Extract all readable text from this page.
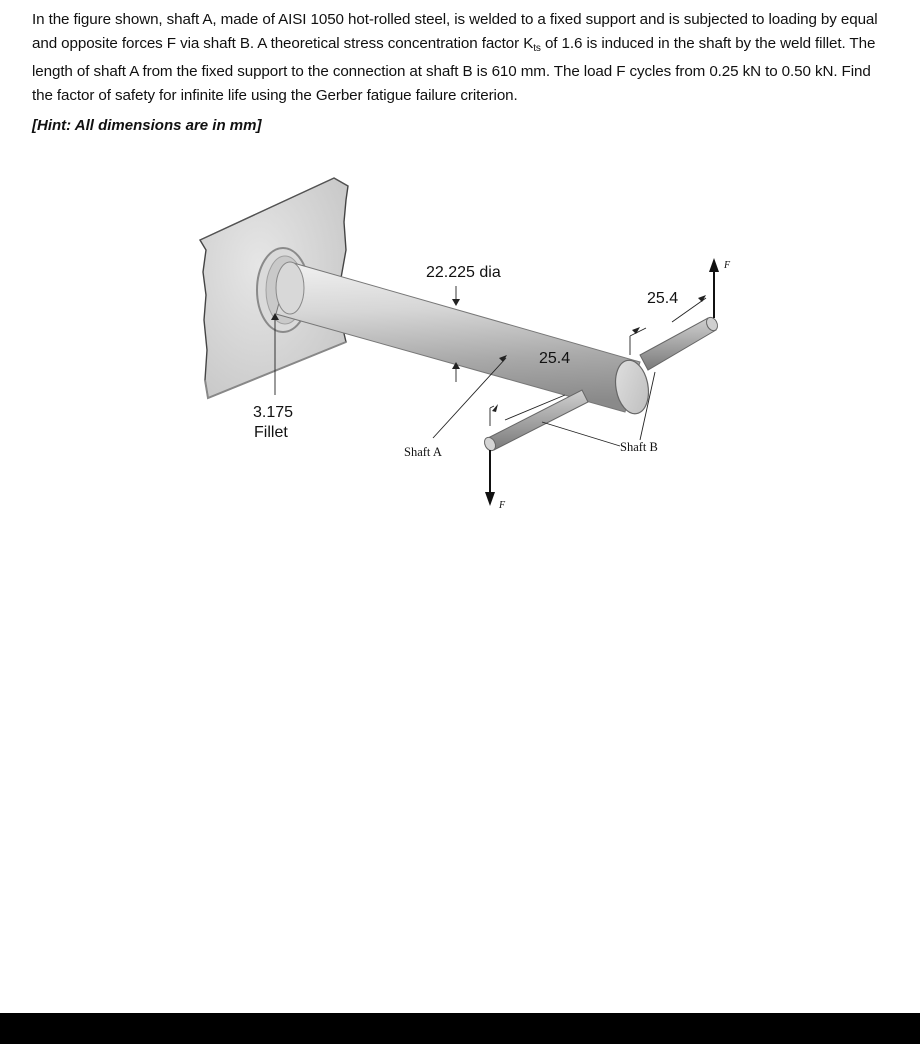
In the figure shown, shaft A, made of AISI 1050 hot-rolled steel, is welded to a fixed support and is subjected to loading by equal and opposite forces F via shaft B. A theoretical stress concentration factor $K_{ts}$ of 1.6 is induced in the shaft by the weld fillet. The length of shaft A from the fixed support to the connection at shaft B is 610 mm. The load F cycles from 0.25 kN to 0.50 kN. Find the factor of safety for infinite life using the Gerber fatigue failure criterion.

[Hint: All dimensions are in mm]
22.225 dia
25.4
25.4
3.175
Fillet
Shaft A	Shaft B
F
F
